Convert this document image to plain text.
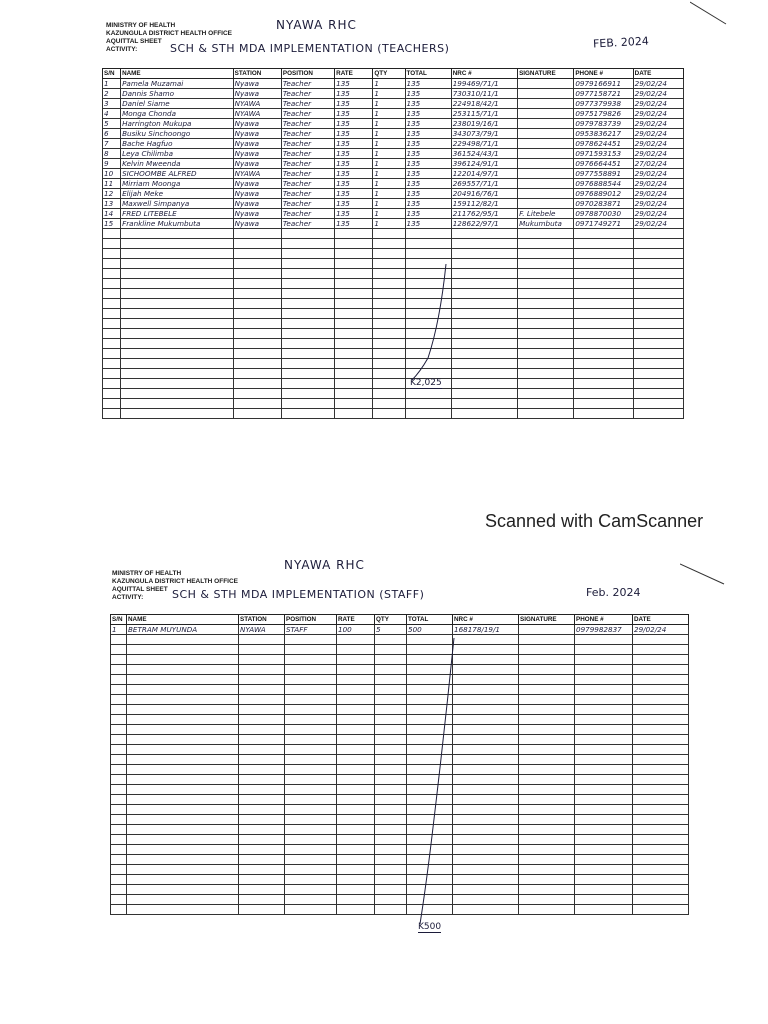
MINISTRY OF HEALTH
KAZUNGULA DISTRICT HEALTH OFFICE
AQUITTAL SHEET
ACTIVITY:
NYAWA RHC
SCH & STH MDA IMPLEMENTATION (TEACHERS)	FEB. 2024
S/N	NAME	STATION	POSITION	RATE	QTY	TOTAL	NRC #	SIGNATURE	PHONE #	DATE
1	Pamela Muzamai	Nyawa	Teacher	135	1	135	199469/71/1		0979166911	29/02/24
2	Dannis Shamo	Nyawa	Teacher	135	1	135	730310/11/1		0977158721	29/02/24
3	Daniel Siame	NYAWA	Teacher	135	1	135	224918/42/1		0977379938	29/02/24
4	Monga Chonda	NYAWA	Teacher	135	1	135	253115/71/1		0975179826	29/02/24
5	Harrington Mukupa	Nyawa	Teacher	135	1	135	238019/16/1		0979783739	29/02/24
6	Busiku Sinchoongo	Nyawa	Teacher	135	1	135	343073/79/1		0953836217	29/02/24
7	Bache Hagfuo	Nyawa	Teacher	135	1	135	229498/71/1		0978624451	29/02/24
8	Leya Chilimba	Nyawa	Teacher	135	1	135	361524/43/1		0971593153	29/02/24
9	Kelvin Mweenda	Nyawa	Teacher	135	1	135	396124/91/1		0976664451	27/02/24
10	SICHOOMBE ALFRED	NYAWA	Teacher	135	1	135	122014/97/1		0977558891	29/02/24
11	Mirriam Moonga	Nyawa	Teacher	135	1	135	269557/71/1		0976888544	29/02/24
12	Elijah Meke	Nyawa	Teacher	135	1	135	204916/76/1		0976889012	29/02/24
13	Maxwell Simpanya	Nyawa	Teacher	135	1	135	159112/82/1		0970283871	29/02/24
14	FRED LITEBELE	Nyawa	Teacher	135	1	135	211762/95/1	F. Litebele	0978870030	29/02/24
15	Frankline Mukumbuta	Nyawa	Teacher	135	1	135	128622/97/1	Mukumbuta	0971749271	29/02/24

K2,025
Scanned with CamScanner
MINISTRY OF HEALTH
KAZUNGULA DISTRICT HEALTH OFFICE
AQUITTAL SHEET
ACTIVITY:
NYAWA RHC
SCH & STH MDA IMPLEMENTATION (STAFF)	Feb. 2024
S/N	NAME	STATION	POSITION	RATE	QTY	TOTAL	NRC #	SIGNATURE	PHONE #	DATE
1	BETRAM MUYUNDA	NYAWA	STAFF	100	5	500	168178/19/1		0979982837	29/02/24

K500
